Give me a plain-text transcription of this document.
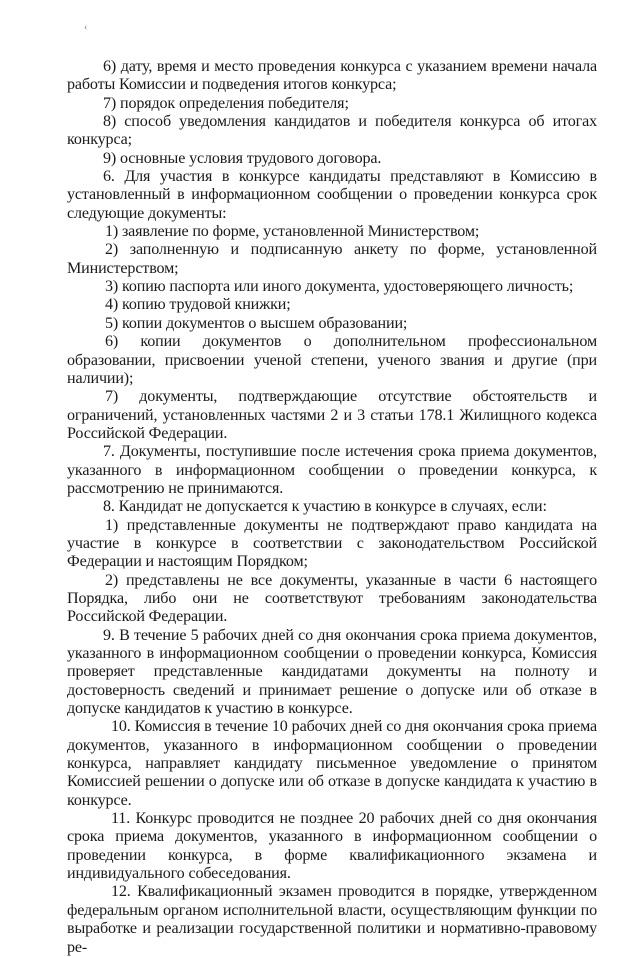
‹

6) дату, время и место проведения конкурса с указанием времени начала работы Комиссии и подведения итогов конкурса;

7) порядок определения победителя;

8) способ уведомления кандидатов и победителя конкурса об итогах конкурса;

9) основные условия трудового договора.

6. Для участия в конкурсе кандидаты представляют в Комиссию в установленный в информационном сообщении о проведении конкурса срок следующие документы:

1) заявление по форме, установленной Министерством;

2) заполненную и подписанную анкету по форме, установленной Министерством;

3) копию паспорта или иного документа, удостоверяющего личность;

4) копию трудовой книжки;

5) копии документов о высшем образовании;

6) копии документов о дополнительном профессиональном образовании, присвоении ученой степени, ученого звания и другие (при наличии);

7) документы, подтверждающие отсутствие обстоятельств и ограничений, установленных частями 2 и 3 статьи 178.1 Жилищного кодекса Российской Федерации.

7. Документы, поступившие после истечения срока приема документов, указанного в информационном сообщении о проведении конкурса, к рассмотрению не принимаются.

8. Кандидат не допускается к участию в конкурсе в случаях, если:

1) представленные документы не подтверждают право кандидата на участие в конкурсе в соответствии с законодательством Российской Федерации и настоящим Порядком;

2) представлены не все документы, указанные в части 6 настоящего Порядка, либо они не соответствуют требованиям законодательства Российской Федерации.

9. В течение 5 рабочих дней со дня окончания срока приема документов, указанного в информационном сообщении о проведении конкурса, Комиссия проверяет представленные кандидатами документы на полноту и достоверность сведений и принимает решение о допуске или об отказе в допуске кандидатов к участию в конкурсе.

10. Комиссия в течение 10 рабочих дней со дня окончания срока приема документов, указанного в информационном сообщении о проведении конкурса, направляет кандидату письменное уведомление о принятом Комиссией решении о допуске или об отказе в допуске кандидата к участию в конкурсе.

11. Конкурс проводится не позднее 20 рабочих дней со дня окончания срока приема документов, указанного в информационном сообщении о проведении конкурса, в форме квалификационного экзамена и индивидуального собеседования.

12. Квалификационный экзамен проводится в порядке, утвержденном федеральным органом исполнительной власти, осуществляющим функции по выработке и реализации государственной политики и нормативно-правовому ре-
